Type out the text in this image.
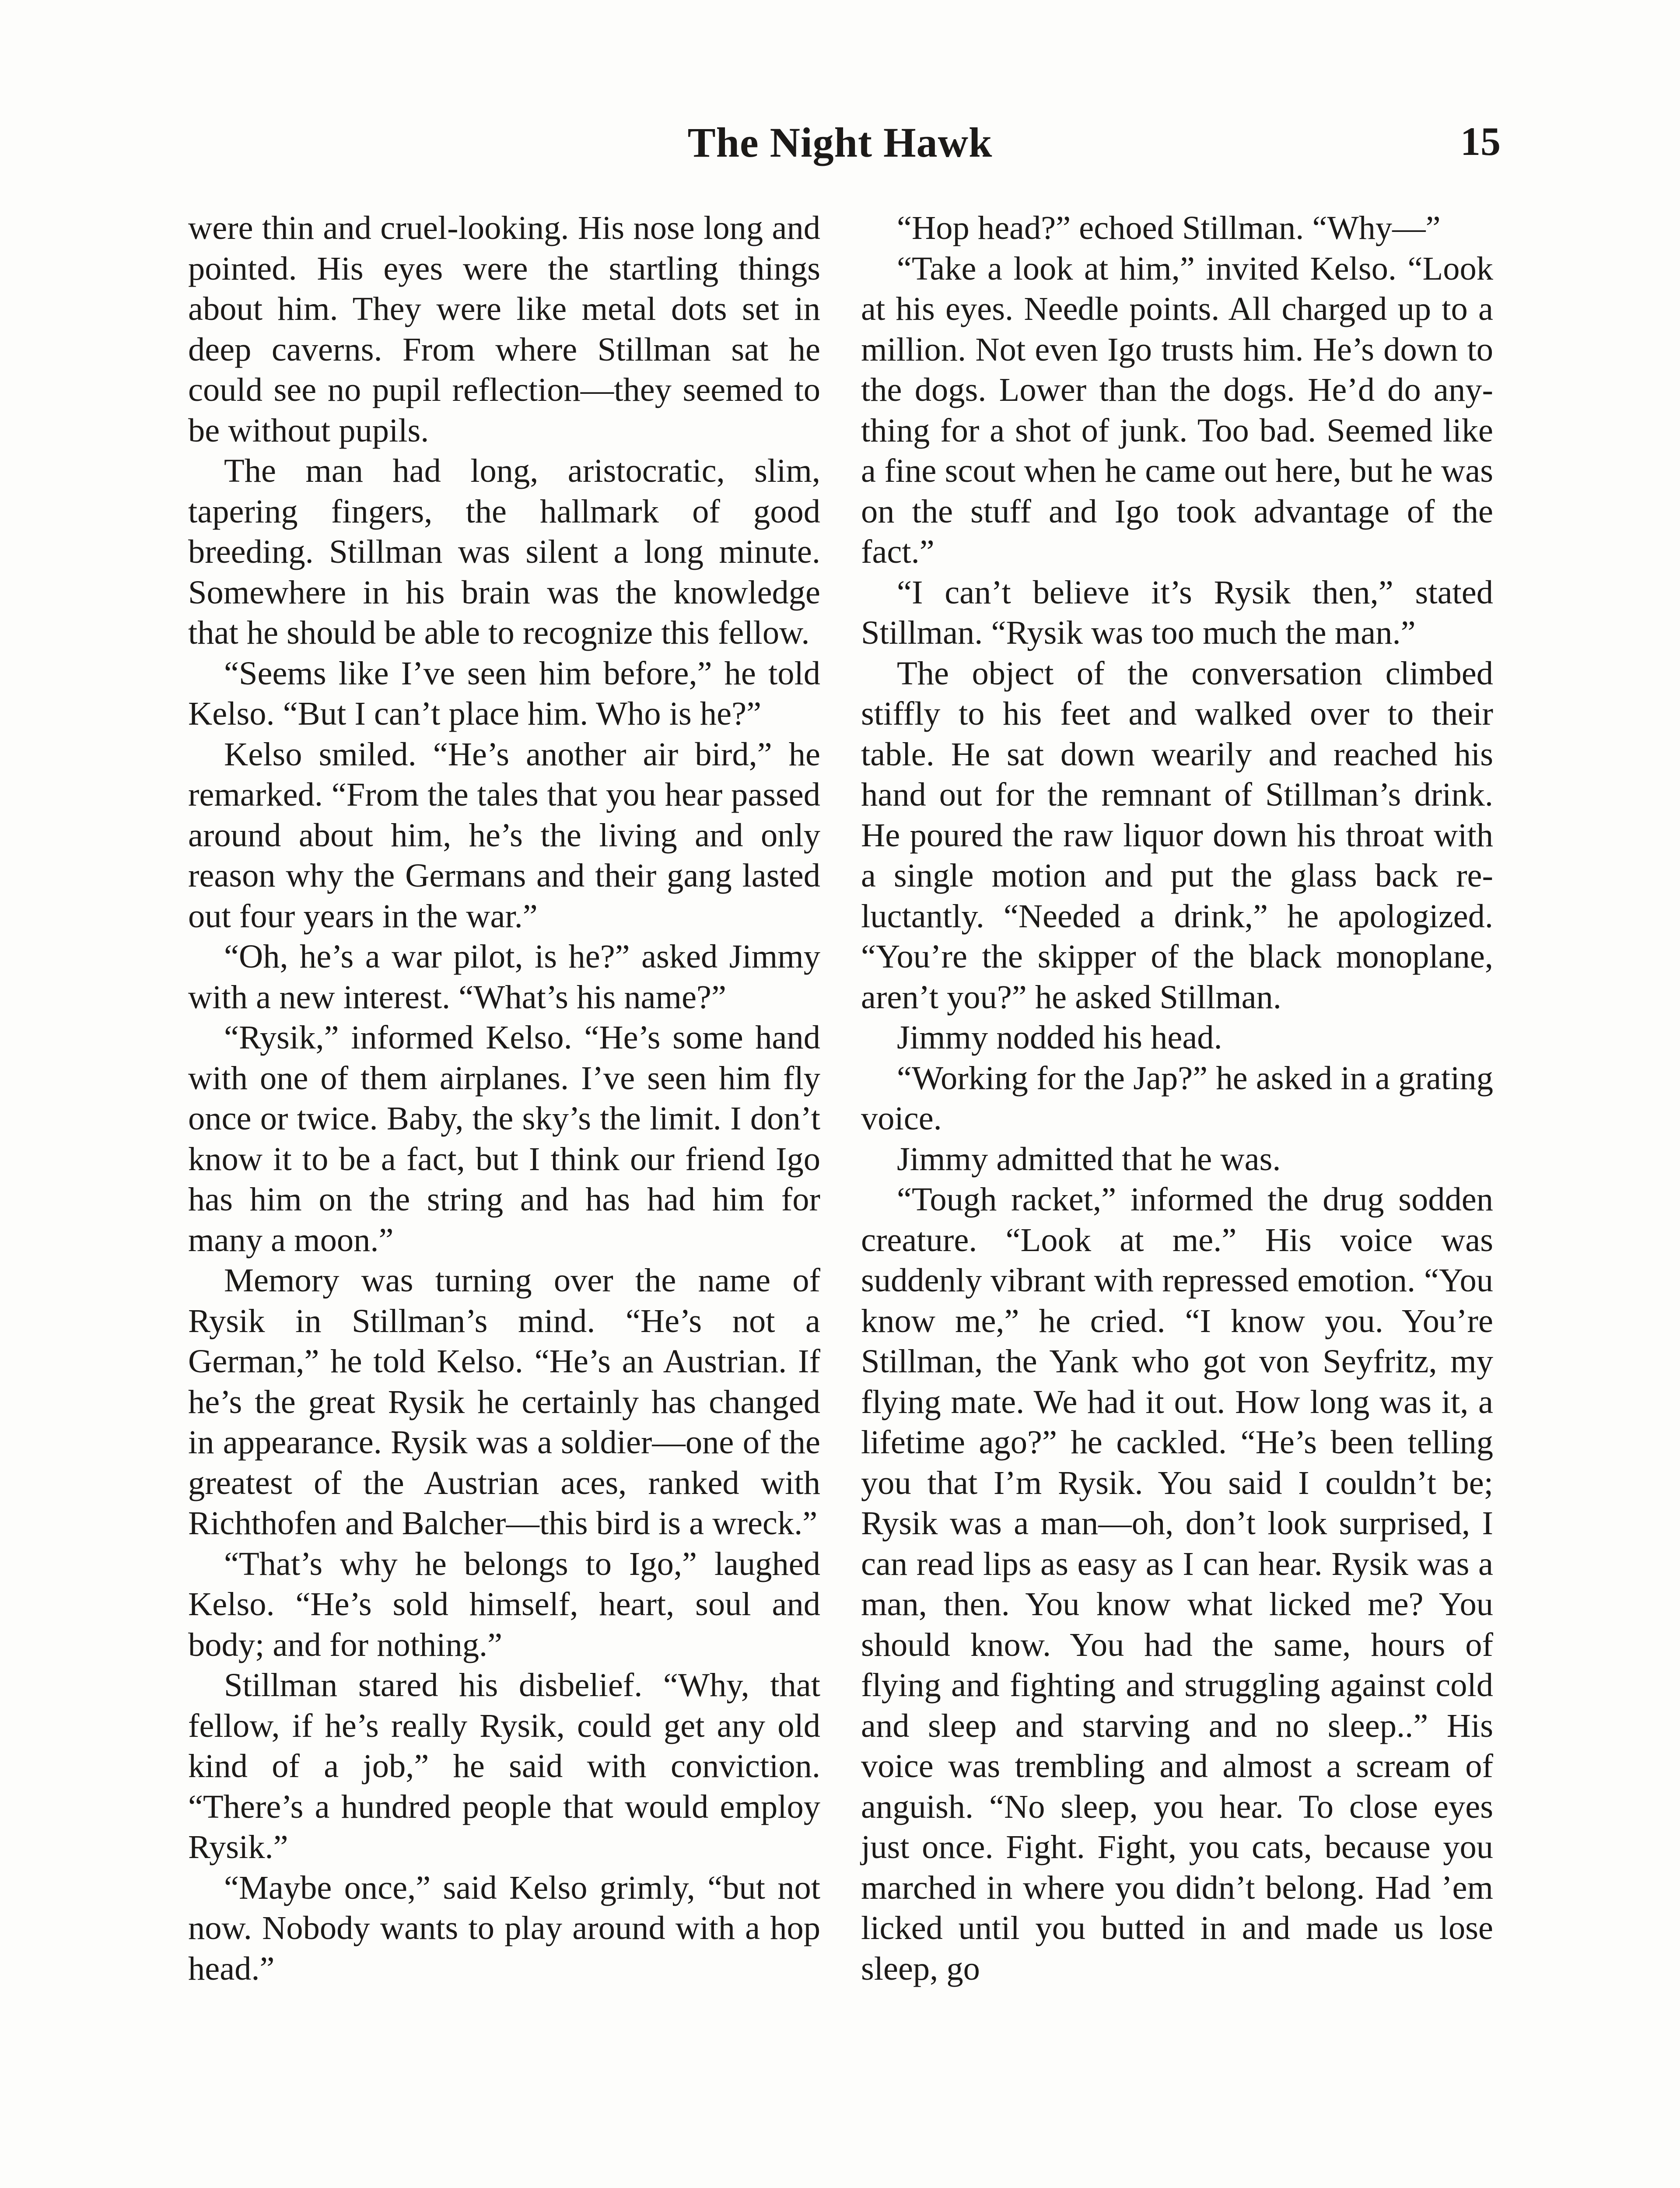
The Night Hawk	15

were thin and cruel-looking. His nose long and pointed. His eyes were the startling things about him. They were like metal dots set in deep caverns. From where Stillman sat he could see no pupil reflection—they seemed to be without pupils.

The man had long, aristocratic, slim, tapering fingers, the hallmark of good breeding. Stillman was silent a long minute. Somewhere in his brain was the knowledge that he should be able to recognize this fellow.

“Seems like I’ve seen him before,” he told Kelso. “But I can’t place him. Who is he?”

Kelso smiled. “He’s another air bird,” he remarked. “From the tales that you hear passed around about him, he’s the living and only reason why the Germans and their gang lasted out four years in the war.”

“Oh, he’s a war pilot, is he?” asked Jimmy with a new interest. “What’s his name?”

“Rysik,” informed Kelso. “He’s some hand with one of them airplanes. I’ve seen him fly once or twice. Baby, the sky’s the limit. I don’t know it to be a fact, but I think our friend Igo has him on the string and has had him for many a moon.”

Memory was turning over the name of Rysik in Stillman’s mind. “He’s not a German,” he told Kelso. “He’s an Austrian. If he’s the great Rysik he certainly has changed in appearance. Rysik was a soldier—one of the greatest of the Austrian aces, ranked with Richthofen and Balcher—this bird is a wreck.”

“That’s why he belongs to Igo,” laughed Kelso. “He’s sold himself, heart, soul and body; and for nothing.”

Stillman stared his disbelief. “Why, that fellow, if he’s really Rysik, could get any old kind of a job,” he said with conviction. “There’s a hundred people that would employ Rysik.”

“Maybe once,” said Kelso grimly, “but not now. Nobody wants to play around with a hop head.”

“Hop head?” echoed Stillman. “Why—”

“Take a look at him,” invited Kelso. “Look at his eyes. Needle points. All charged up to a million. Not even Igo trusts him. He’s down to the dogs. Lower than the dogs. He’d do anything for a shot of junk. Too bad. Seemed like a fine scout when he came out here, but he was on the stuff and Igo took advantage of the fact.”

“I can’t believe it’s Rysik then,” stated Stillman. “Rysik was too much the man.”

The object of the conversation climbed stiffly to his feet and walked over to their table. He sat down wearily and reached his hand out for the remnant of Stillman’s drink. He poured the raw liquor down his throat with a single motion and put the glass back reluctantly. “Needed a drink,” he apologized. “You’re the skipper of the black monoplane, aren’t you?” he asked Stillman.

Jimmy nodded his head.

“Working for the Jap?” he asked in a grating voice.

Jimmy admitted that he was.

“Tough racket,” informed the drug sodden creature. “Look at me.” His voice was suddenly vibrant with repressed emotion. “You know me,” he cried. “I know you. You’re Stillman, the Yank who got von Seyfritz, my flying mate. We had it out. How long was it, a lifetime ago?” he cackled. “He’s been telling you that I’m Rysik. You said I couldn’t be; Rysik was a man—oh, don’t look surprised, I can read lips as easy as I can hear. Rysik was a man, then. You know what licked me? You should know. You had the same, hours of flying and fighting and struggling against cold and sleep and starving and no sleep..” His voice was trembling and almost a scream of anguish. “No sleep, you hear. To close eyes just once. Fight. Fight, you cats, because you marched in where you didn’t belong. Had ’em licked until you butted in and made us lose sleep, go
